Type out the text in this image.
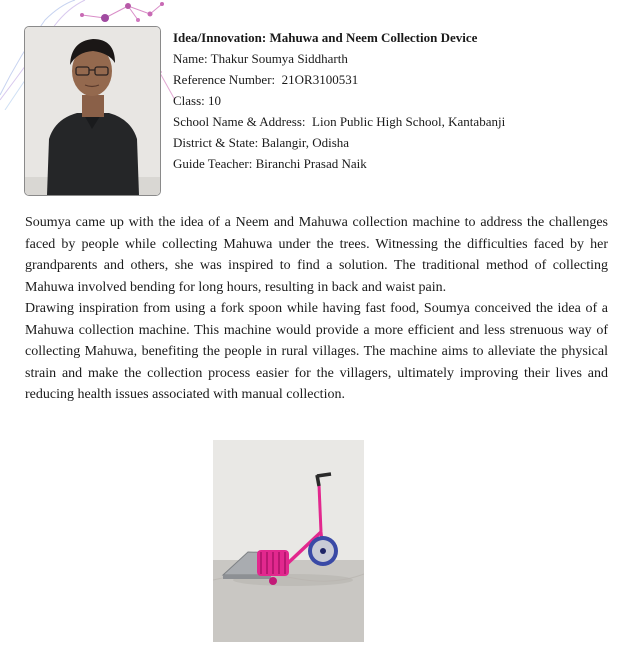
Idea/Innovation: Mahuwa and Neem Collection Device
Name: Thakur Soumya Siddharth
Reference Number: 21OR3100531
Class: 10
School Name & Address: Lion Public High School, Kantabanji
District & State: Balangir, Odisha
Guide Teacher: Biranchi Prasad Naik

Soumya came up with the idea of a Neem and Mahuwa collection machine to address the challenges faced by people while collecting Mahuwa under the trees. Witnessing the difficulties faced by her grandparents and others, she was inspired to find a solution. The traditional method of collecting Mahuwa involved bending for long hours, resulting in back and waist pain.

Drawing inspiration from using a fork spoon while having fast food, Soumya conceived the idea of a Mahuwa collection machine. This machine would provide a more efficient and less strenuous way of collecting Mahuwa, benefiting the people in rural villages. The machine aims to alleviate the physical strain and make the collection process easier for the villagers, ultimately improving their lives and reducing health issues associated with manual collection.
